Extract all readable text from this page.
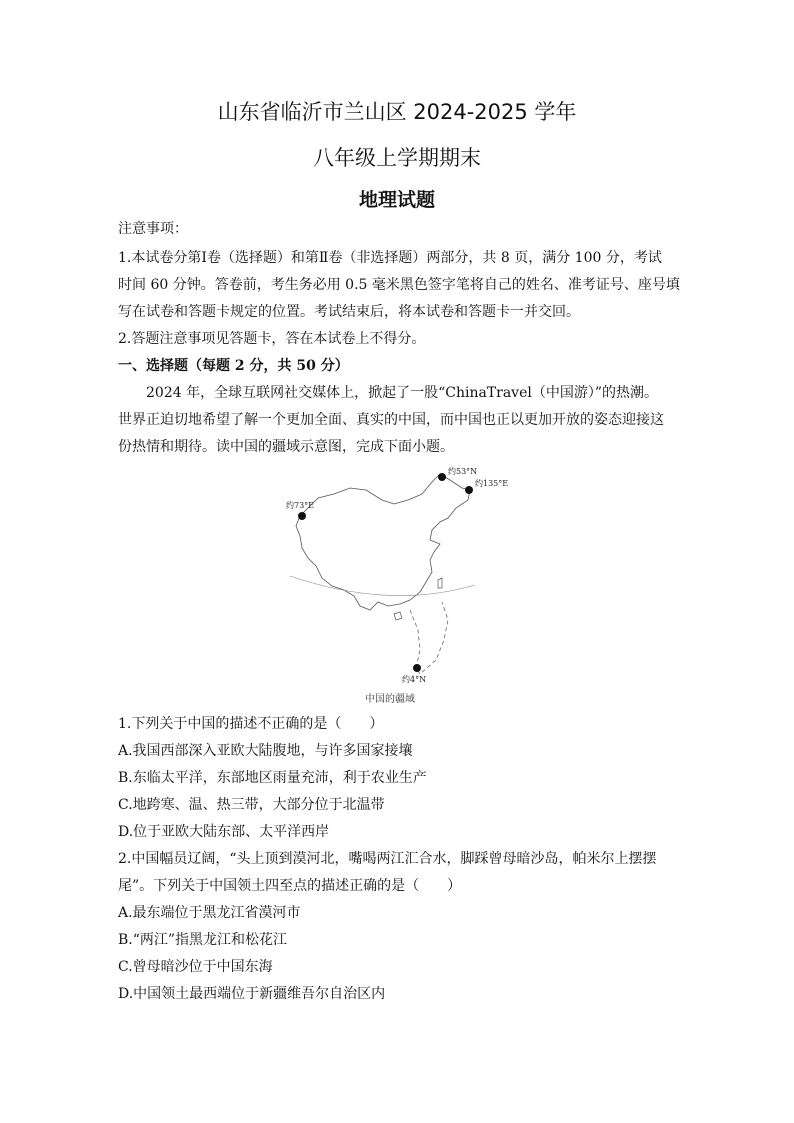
山东省临沂市兰山区 2024-2025 学年
八年级上学期期末
地理试题
注意事项：
1.本试卷分第Ⅰ卷（选择题）和第Ⅱ卷（非选择题）两部分，共 8 页，满分 100 分，考试
时间 60 分钟。答卷前，考生务必用 0.5 毫米黑色签字笔将自己的姓名、准考证号、座号填
写在试卷和答题卡规定的位置。考试结束后，将本试卷和答题卡一并交回。
2.答题注意事项见答题卡，答在本试卷上不得分。
一、选择题（每题 2 分，共 50 分）
2024 年，全球互联网社交媒体上，掀起了一股“ChinaTravel（中国游）”的热潮。
世界正迫切地希望了解一个更加全面、真实的中国，而中国也正以更加开放的姿态迎接这
份热情和期待。读中国的疆域示意图，完成下面小题。
约53°N
约135°E
约73°E
约4°N
中国的疆域
1.下列关于中国的描述不正确的是（　　）
A.我国西部深入亚欧大陆腹地，与许多国家接壤
B.东临太平洋，东部地区雨量充沛，利于农业生产
C.地跨寒、温、热三带，大部分位于北温带
D.位于亚欧大陆东部、太平洋西岸
2.中国幅员辽阔，“头上顶到漠河北，嘴喝两江汇合水，脚踩曾母暗沙岛，帕米尔上摆摆
尾”。下列关于中国领土四至点的描述正确的是（　　）
A.最东端位于黑龙江省漠河市
B.“两江”指黑龙江和松花江
C.曾母暗沙位于中国东海
D.中国领土最西端位于新疆维吾尔自治区内
